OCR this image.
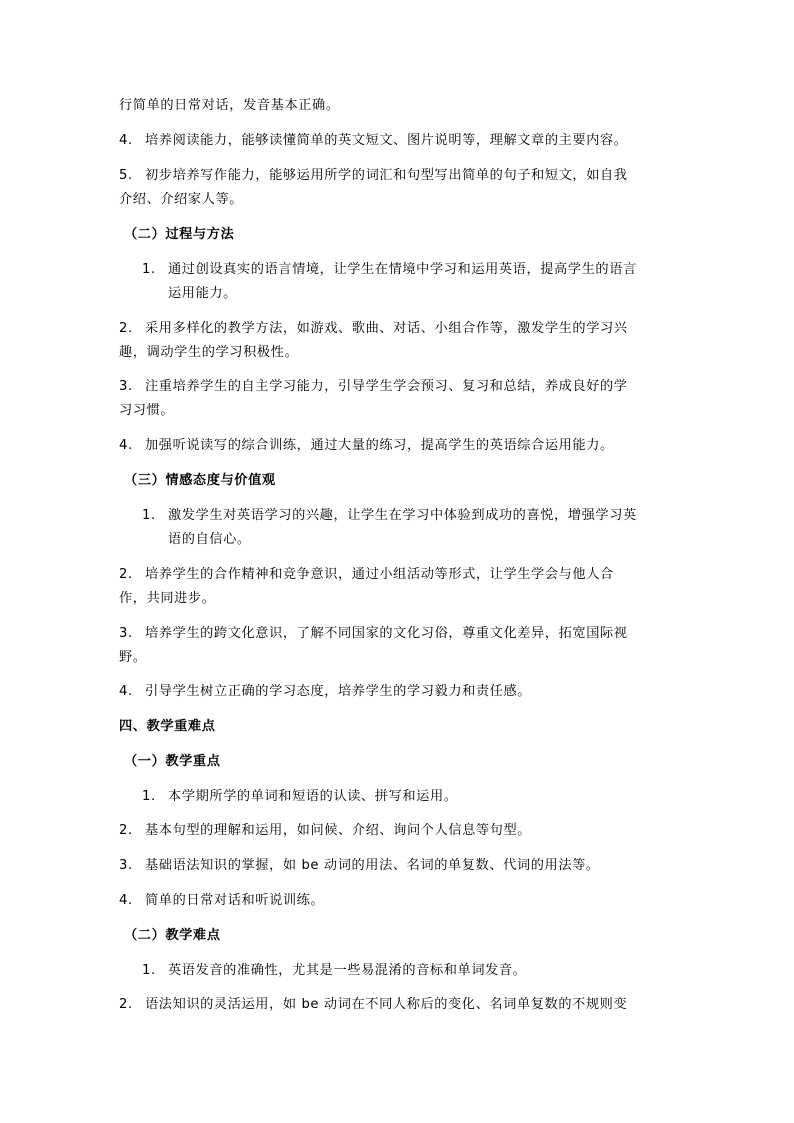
行简单的日常对话，发音基本正确。
4. 培养阅读能力，能够读懂简单的英文短文、图片说明等，理解文章的主要内容。
5. 初步培养写作能力，能够运用所学的词汇和句型写出简单的句子和短文，如自我
介绍、介绍家人等。
（二）过程与方法
1. 通过创设真实的语言情境，让学生在情境中学习和运用英语，提高学生的语言
运用能力。
2. 采用多样化的教学方法，如游戏、歌曲、对话、小组合作等，激发学生的学习兴
趣，调动学生的学习积极性。
3. 注重培养学生的自主学习能力，引导学生学会预习、复习和总结，养成良好的学
习习惯。
4. 加强听说读写的综合训练，通过大量的练习，提高学生的英语综合运用能力。
（三）情感态度与价值观
1. 激发学生对英语学习的兴趣，让学生在学习中体验到成功的喜悦，增强学习英
语的自信心。
2. 培养学生的合作精神和竞争意识，通过小组活动等形式，让学生学会与他人合
作，共同进步。
3. 培养学生的跨文化意识，了解不同国家的文化习俗，尊重文化差异，拓宽国际视
野。
4. 引导学生树立正确的学习态度，培养学生的学习毅力和责任感。
四、教学重难点
（一）教学重点
1. 本学期所学的单词和短语的认读、拼写和运用。
2. 基本句型的理解和运用，如问候、介绍、询问个人信息等句型。
3. 基础语法知识的掌握，如 be 动词的用法、名词的单复数、代词的用法等。
4. 简单的日常对话和听说训练。
（二）教学难点
1. 英语发音的准确性，尤其是一些易混淆的音标和单词发音。
2. 语法知识的灵活运用，如 be 动词在不同人称后的变化、名词单复数的不规则变
